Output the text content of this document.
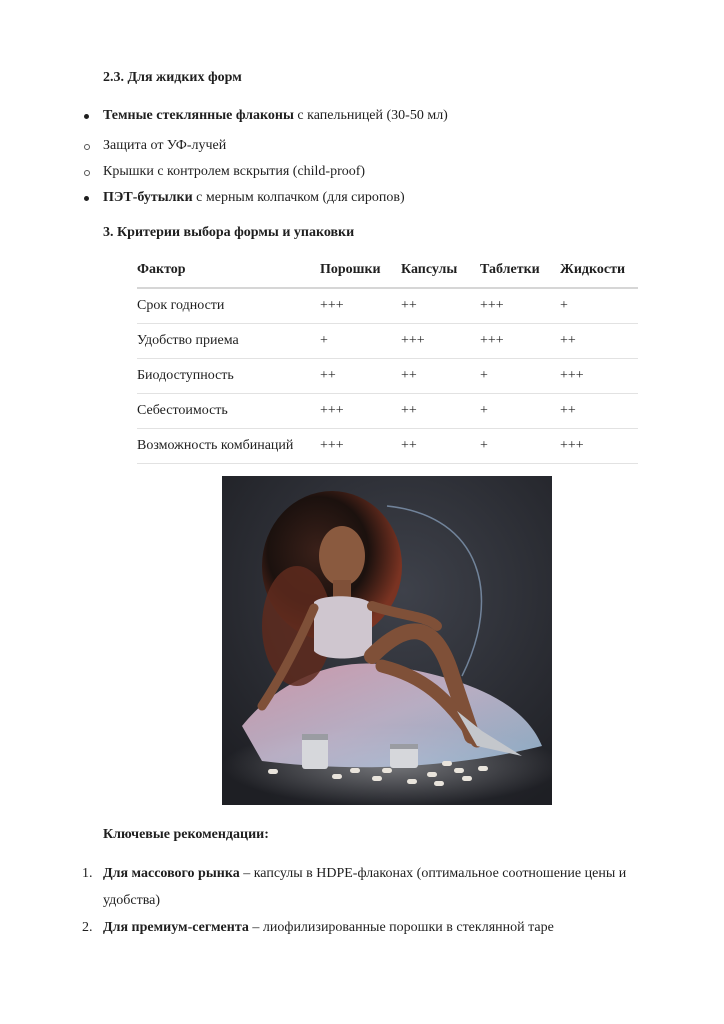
2.3. Для жидких форм
Темные стеклянные флаконы с капельницей (30-50 мл)
Защита от УФ-лучей
Крышки с контролем вскрытия (child-proof)
ПЭТ-бутылки с мерным колпачком (для сиропов)
3. Критерии выбора формы и упаковки
Фактор	Порошки	Капсулы	Таблетки	Жидкости
Срок годности	+++	++	+++	+
Удобство приема	+	+++	+++	++
Биодоступность	++	++	+	+++
Себестоимость	+++	++	+	++
Возможность комбинаций	+++	++	+	+++
Ключевые рекомендации:
1. Для массового рынка – капсулы в HDPE-флаконах (оптимальное соотношение цены и
удобства)
2. Для премиум-сегмента – лиофилизированные порошки в стеклянной таре
